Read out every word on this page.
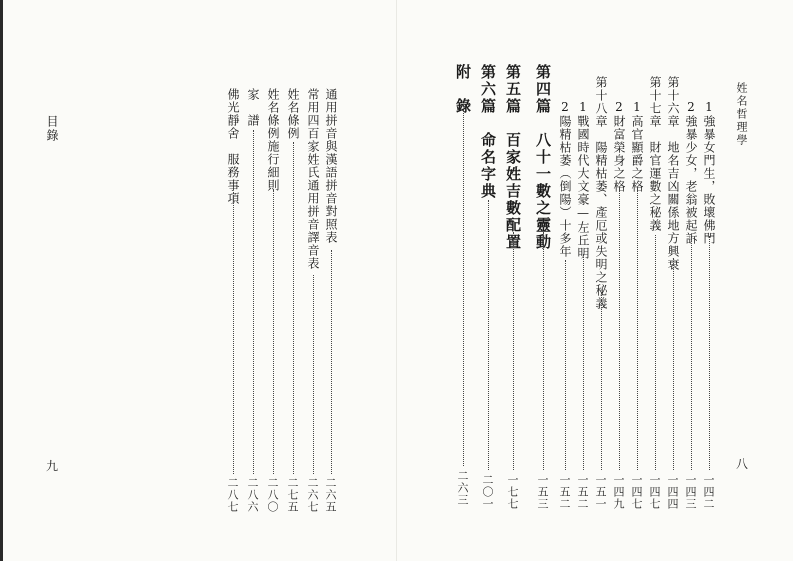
目錄
九
通用拼音與漢語拼音對照表
二六五
常用四百家姓氏通用拼音譯音表
二六七
姓名條例
二七五
姓名條例施行細則
二八〇
家　譜
二八六
佛光靜舍　服務事項
二八七
姓名哲理學
八
1強暴女門生，敗壞佛門
一四二
2強暴少女，老翁被起訴
一四三
第十六章　地名吉凶關係地方興衰
一四四
第十七章　財官運數之秘義
一四七
1高官顯爵之格
一四七
2財富榮身之格
一四九
第十八章　陽精枯萎、產厄或失明之秘義
一五一
1戰國時代大文豪—左丘明
一五二
2陽精枯萎（倒陽）十多年
一五二
第四篇　八十一數之靈動
一五三
第五篇　百家姓吉數配置
一七七
第六篇　命名字典
二〇一
附　錄
二六三
